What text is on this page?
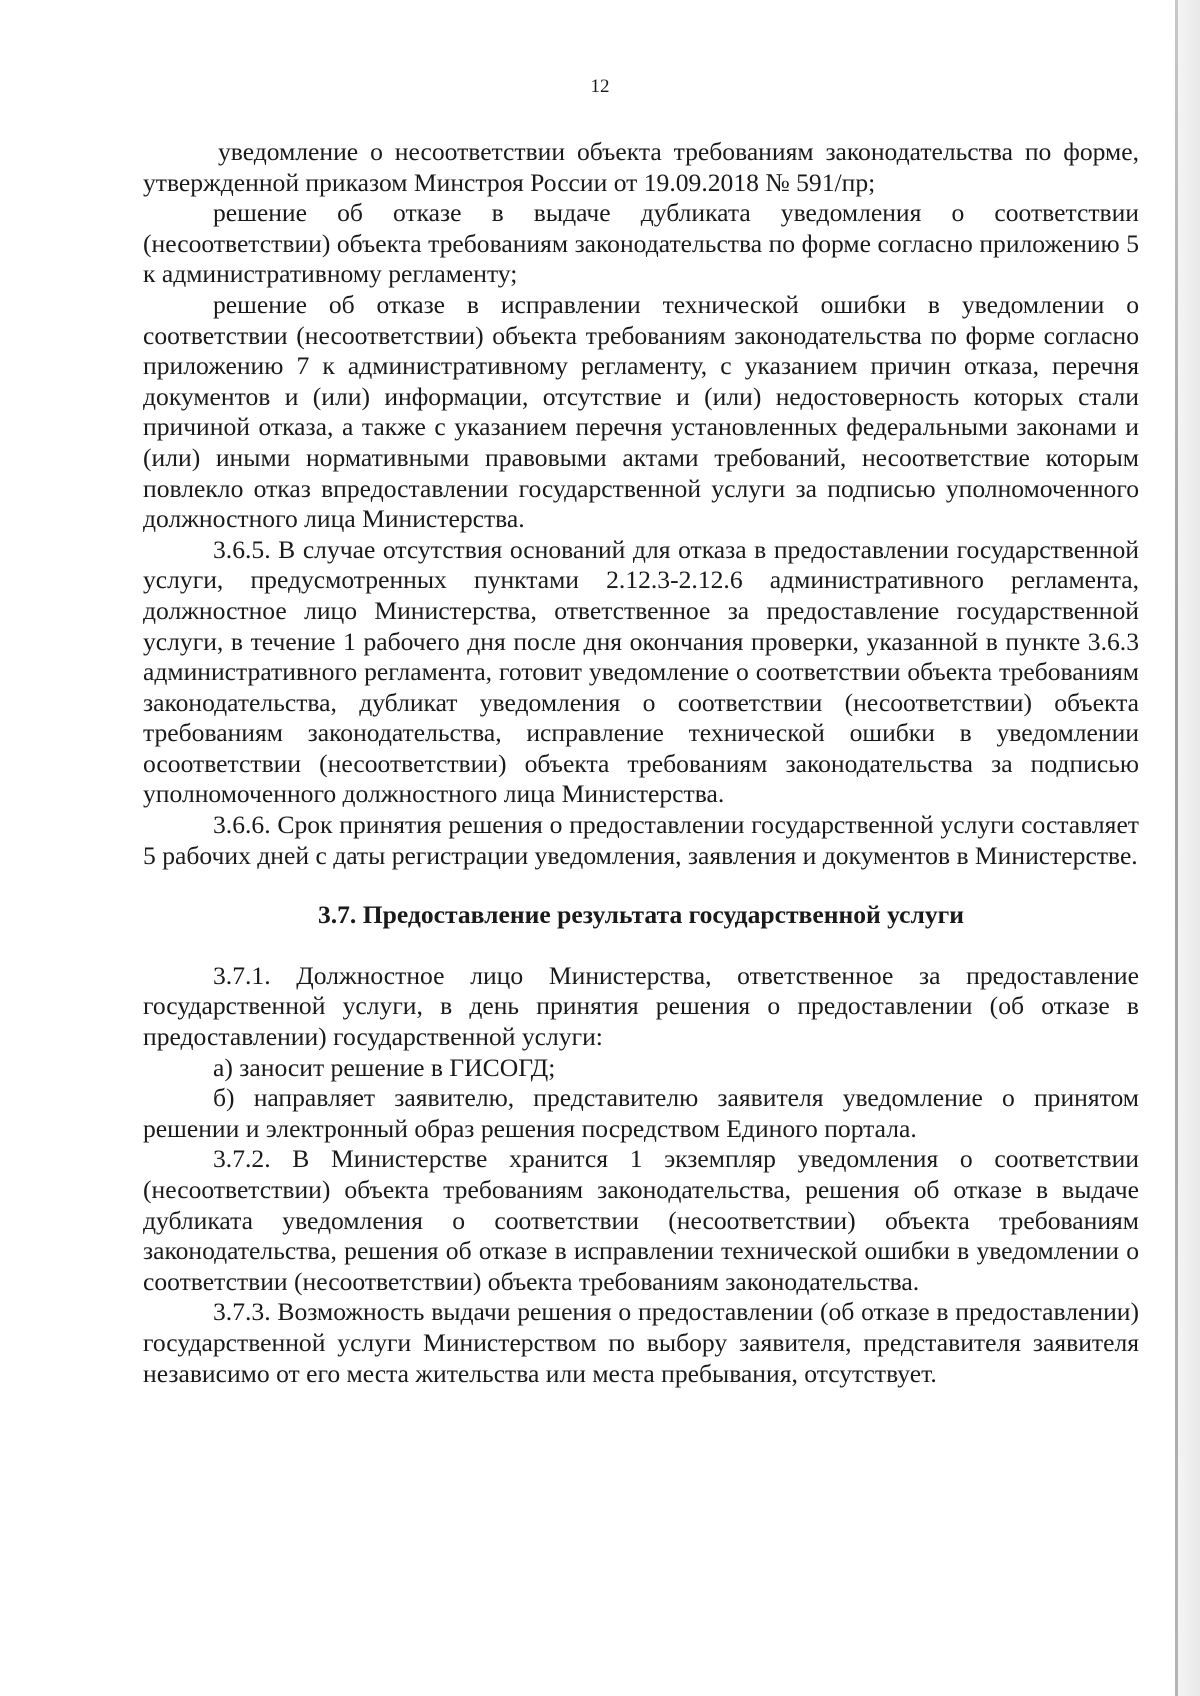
12

уведомление о несоответствии объекта требованиям законодательства по форме, утвержденной приказом Минстроя России от 19.09.2018 № 591/пр;

решение об отказе в выдаче дубликата уведомления о соответствии (несоответствии) объекта требованиям законодательства по форме согласно приложению 5 к административному регламенту;

решение об отказе в исправлении технической ошибки в уведомлении о соответствии (несоответствии) объекта требованиям законодательства по форме согласно приложению 7 к административному регламенту, с указанием причин отказа, перечня документов и (или) информации, отсутствие и (или) недостоверность которых стали причиной отказа, а также с указанием перечня установленных федеральными законами и (или) иными нормативными правовыми актами требований, несоответствие которым повлекло отказ впредоставлении государственной услуги за подписью уполномоченного должностного лица Министерства.

3.6.5. В случае отсутствия оснований для отказа в предоставлении государственной услуги, предусмотренных пунктами 2.12.3-2.12.6 административного регламента, должностное лицо Министерства, ответственное за предоставление государственной услуги, в течение 1 рабочего дня после дня окончания проверки, указанной в пункте 3.6.3 административного регламента, готовит уведомление о соответствии объекта требованиям законодательства, дубликат уведомления о соответствии (несоответствии) объекта требованиям законодательства, исправление технической ошибки в уведомлении осоответствии (несоответствии) объекта требованиям законодательства за подписью уполномоченного должностного лица Министерства.

3.6.6. Срок принятия решения о предоставлении государственной услуги составляет 5 рабочих дней с даты регистрации уведомления, заявления и документов в Министерстве.

3.7. Предоставление результата государственной услуги

3.7.1. Должностное лицо Министерства, ответственное за предоставление государственной услуги, в день принятия решения о предоставлении (об отказе в предоставлении) государственной услуги:

а) заносит решение в ГИСОГД;

б) направляет заявителю, представителю заявителя уведомление о принятом решении и электронный образ решения посредством Единого портала.

3.7.2. В Министерстве хранится 1 экземпляр уведомления о соответствии (несоответствии) объекта требованиям законодательства, решения об отказе в выдаче дубликата уведомления о соответствии (несоответствии) объекта требованиям законодательства, решения об отказе в исправлении технической ошибки в уведомлении о соответствии (несоответствии) объекта требованиям законодательства.

3.7.3. Возможность выдачи решения о предоставлении (об отказе в предоставлении) государственной услуги Министерством по выбору заявителя, представителя заявителя независимо от его места жительства или места пребывания, отсутствует.
